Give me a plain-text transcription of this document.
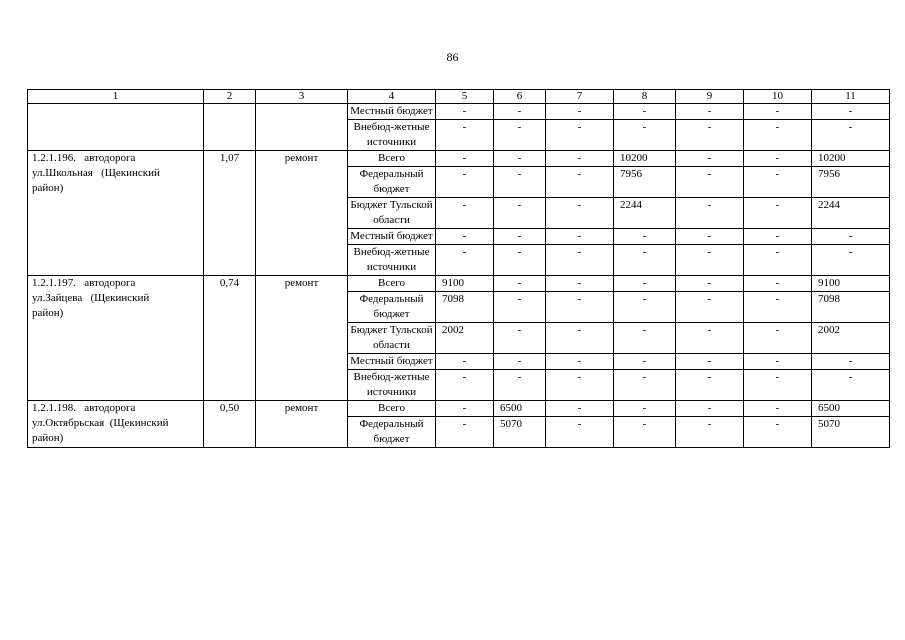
86
1	2	3	4	5	6	7	8	9	10	11
			Местный бюджет	-	-	-	-	-	-	-
			Внебюд-жетные источники	-	-	-	-	-	-	-

1.2.1.196.   автодорога
ул.Школьная   (Щекинский
район)	1,07	ремонт	Всего	-	-	-	10200	-	-	10200
			Федеральный бюджет	-	-	-	7956	-	-	7956
			Бюджет Тульской области	-	-	-	2244	-	-	2244
			Местный бюджет	-	-	-	-	-	-	-
			Внебюд-жетные источники	-	-	-	-	-	-	-

1.2.1.197.   автодорога
ул.Зайцева   (Щекинский
район)	0,74	ремонт	Всего	9100	-	-	-	-	-	9100
			Федеральный бюджет	7098	-	-	-	-	-	7098
			Бюджет Тульской области	2002	-	-	-	-	-	2002
			Местный бюджет	-	-	-	-	-	-	-
			Внебюд-жетные источники	-	-	-	-	-	-	-

1.2.1.198.   автодорога
ул.Октябрьская  (Щекинский
район)	0,50	ремонт	Всего	-	6500	-	-	-	-	6500
			Федеральный бюджет	-	5070	-	-	-	-	5070
